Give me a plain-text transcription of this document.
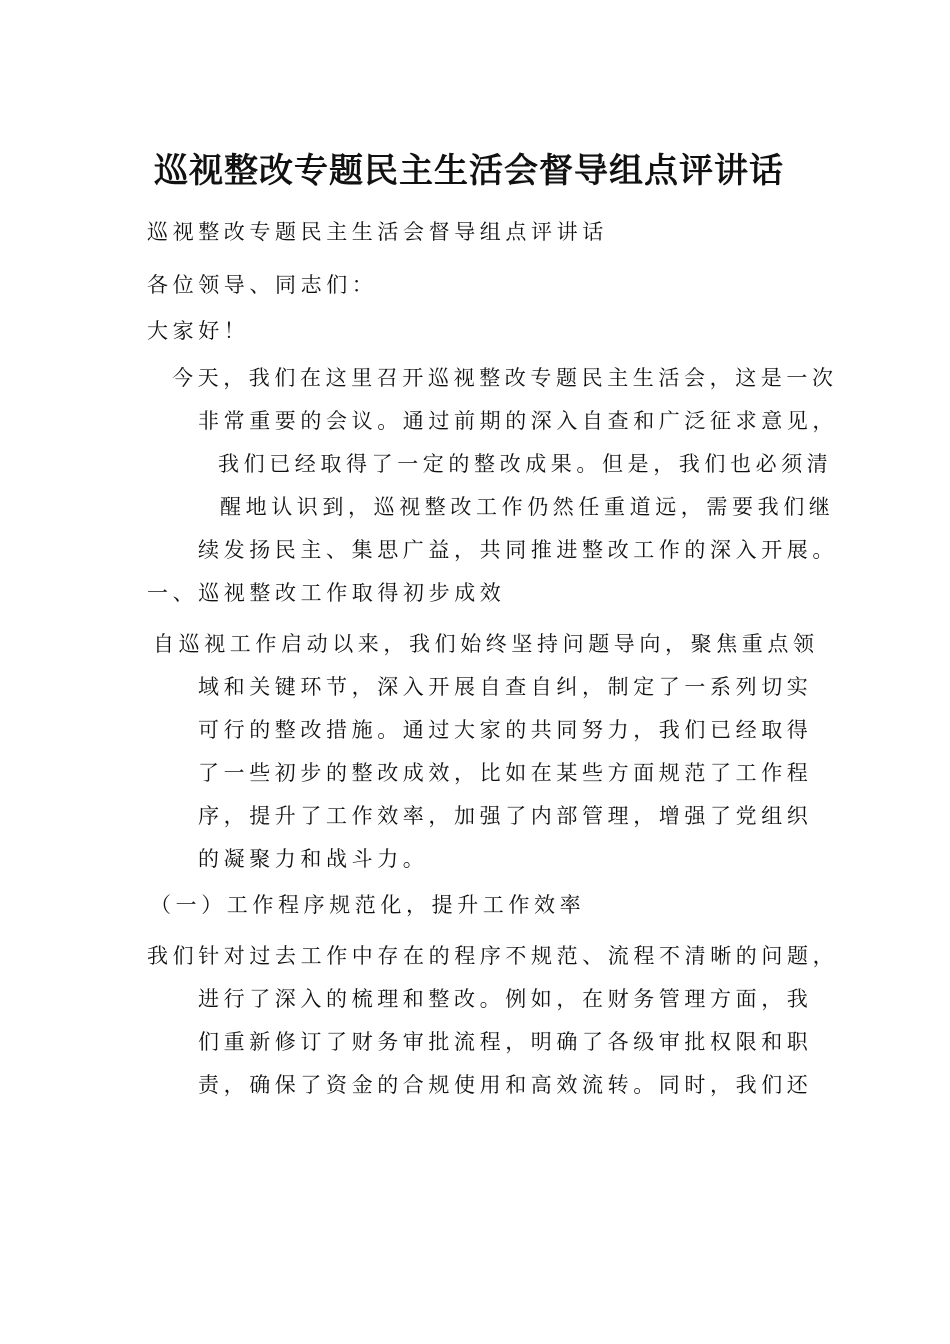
巡视整改专题民主生活会督导组点评讲话
巡视整改专题民主生活会督导组点评讲话
各位领导、同志们：
大家好！
今天，我们在这里召开巡视整改专题民主生活会，这是一次
非常重要的会议。通过前期的深入自查和广泛征求意见，
我们已经取得了一定的整改成果。但是，我们也必须清
醒地认识到，巡视整改工作仍然任重道远，需要我们继
续发扬民主、集思广益，共同推进整改工作的深入开展。
一、巡视整改工作取得初步成效
自巡视工作启动以来，我们始终坚持问题导向，聚焦重点领
域和关键环节，深入开展自查自纠，制定了一系列切实
可行的整改措施。通过大家的共同努力，我们已经取得
了一些初步的整改成效，比如在某些方面规范了工作程
序，提升了工作效率，加强了内部管理，增强了党组织
的凝聚力和战斗力。
（一）工作程序规范化，提升工作效率
我们针对过去工作中存在的程序不规范、流程不清晰的问题，
进行了深入的梳理和整改。例如，在财务管理方面，我
们重新修订了财务审批流程，明确了各级审批权限和职
责，确保了资金的合规使用和高效流转。同时，我们还
